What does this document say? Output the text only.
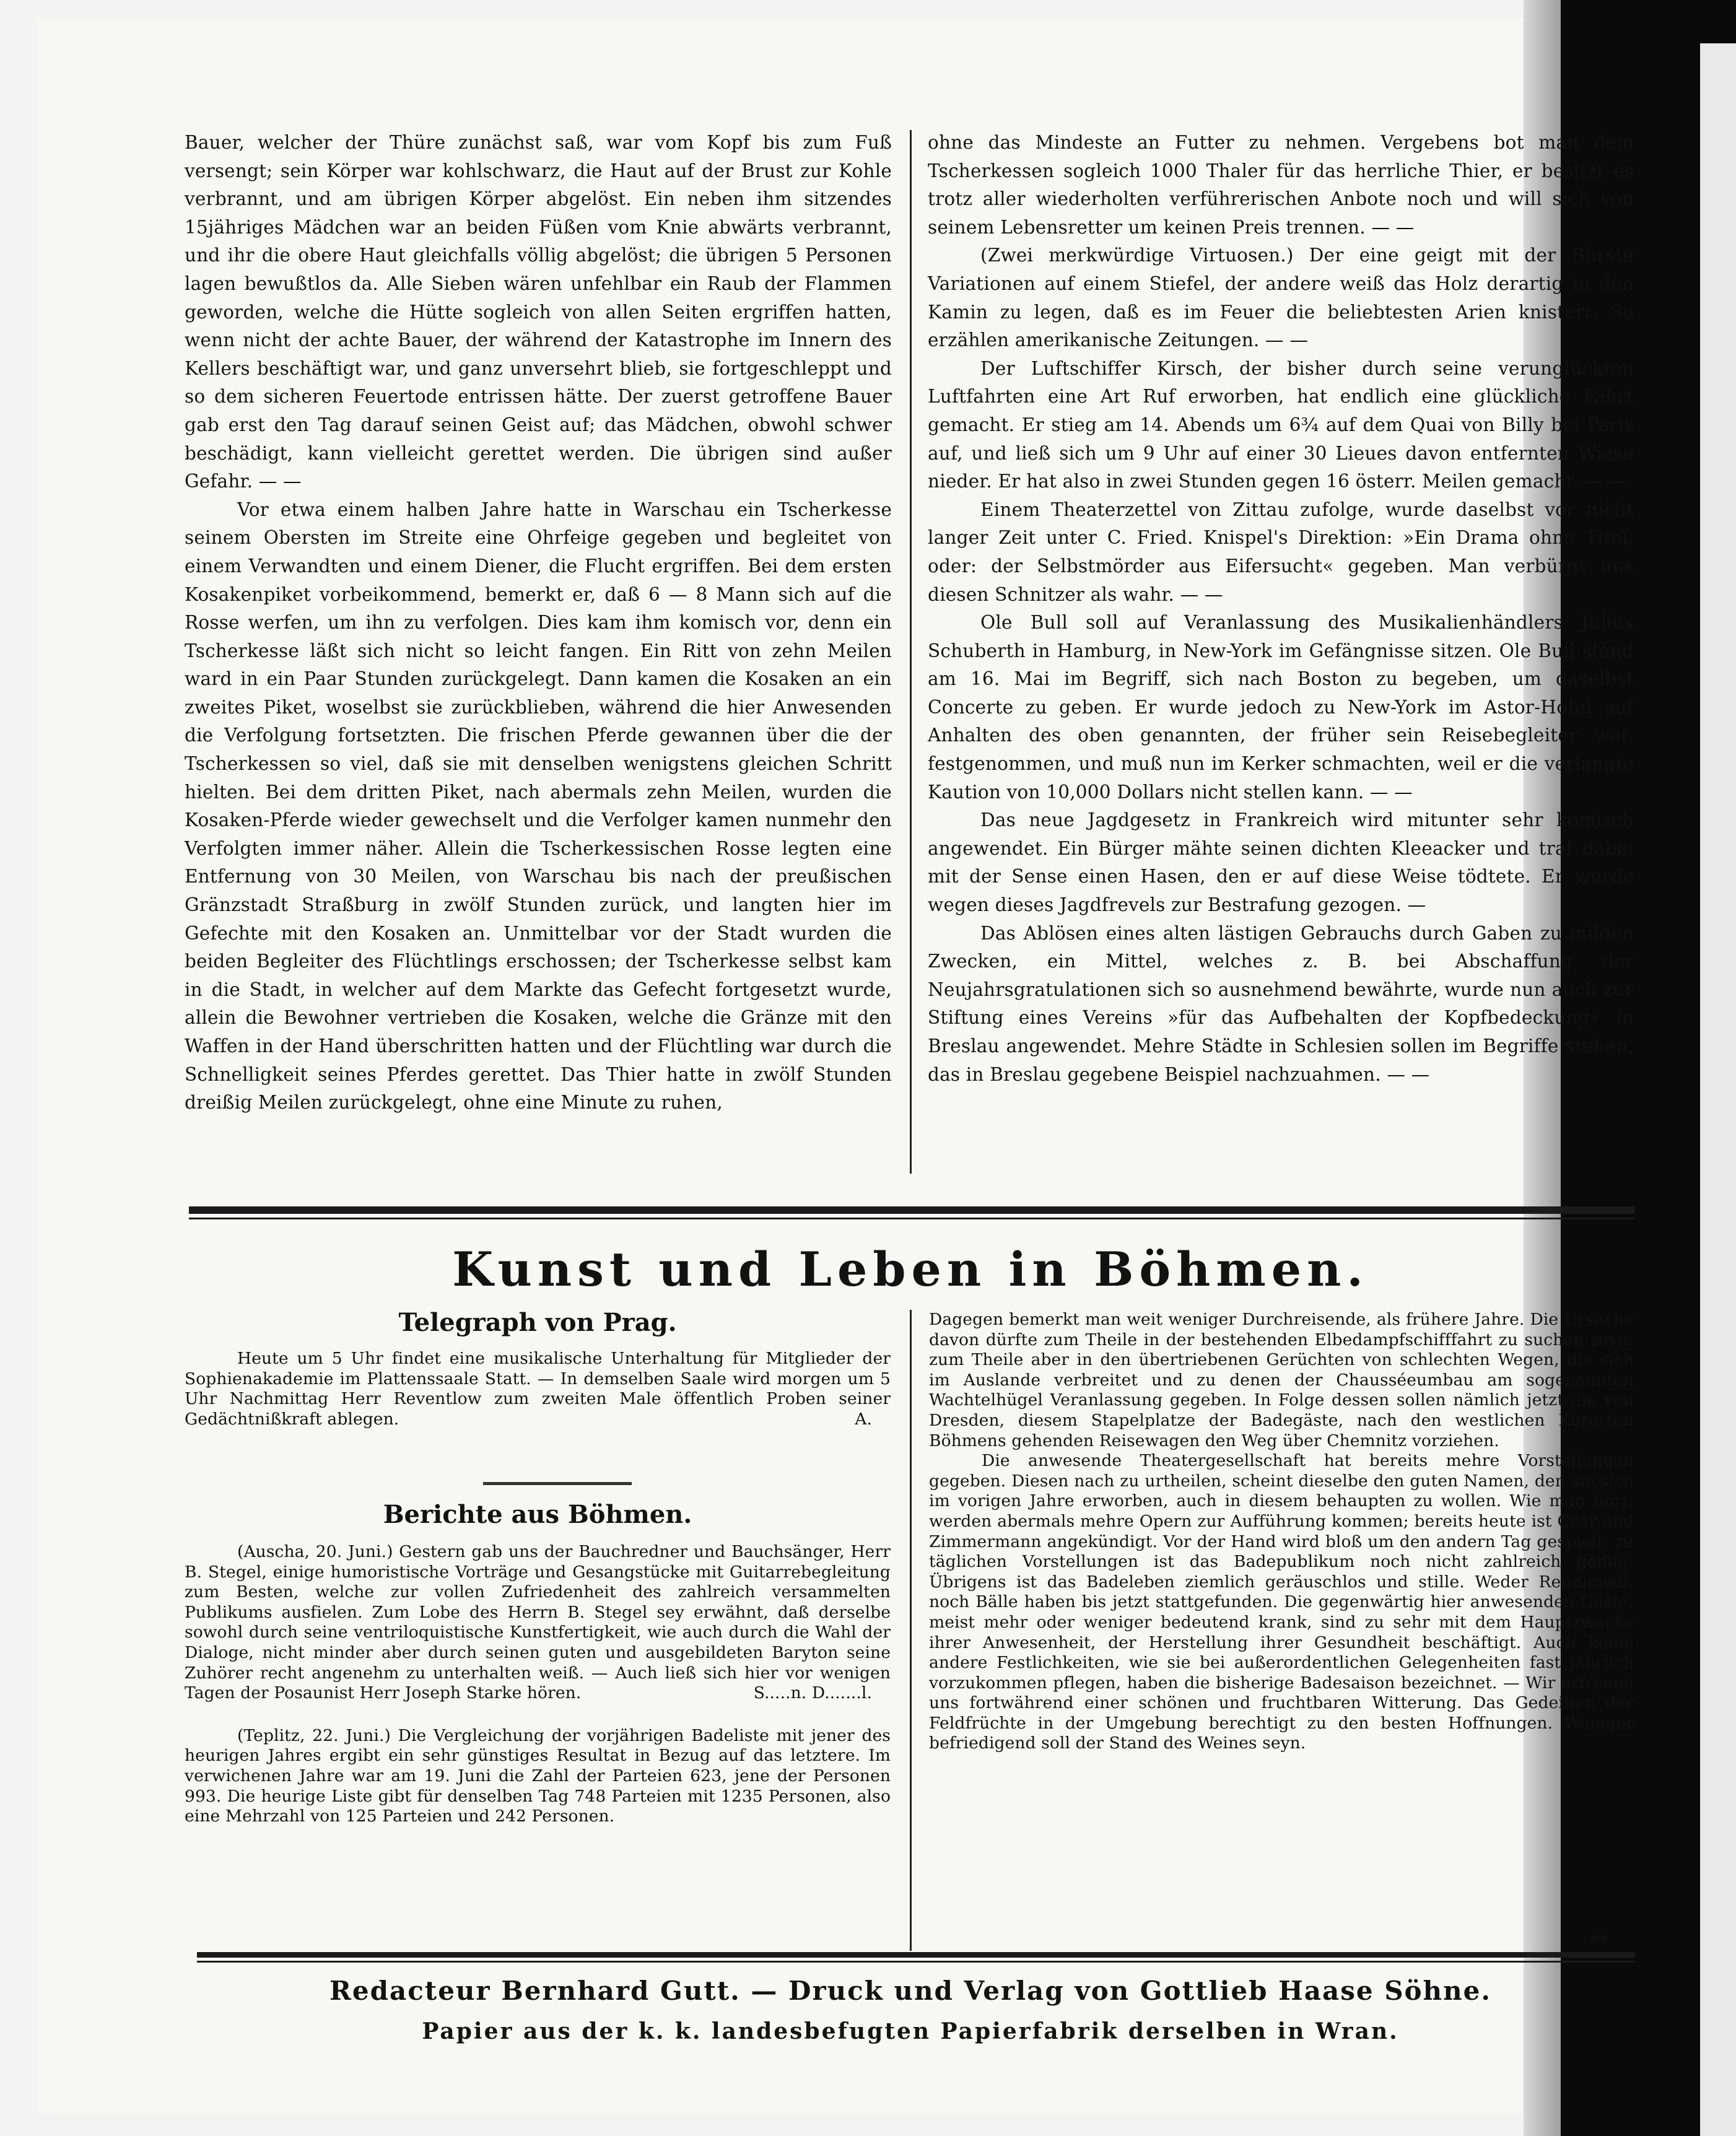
Bauer, welcher der Thüre zunächst saß, war vom Kopf bis zum Fuß versengt; sein Körper war kohlschwarz, die Haut auf der Brust zur Kohle verbrannt, und am übrigen Körper abgelöst. Ein neben ihm sitzendes 15jähriges Mädchen war an beiden Füßen vom Knie abwärts verbrannt, und ihr die obere Haut gleichfalls völlig abgelöst; die übrigen 5 Personen lagen bewußtlos da. Alle Sieben wären unfehlbar ein Raub der Flammen geworden, welche die Hütte sogleich von allen Seiten ergriffen hatten, wenn nicht der achte Bauer, der während der Katastrophe im Innern des Kellers beschäftigt war, und ganz unversehrt blieb, sie fortgeschleppt und so dem sicheren Feuertode entrissen hätte. Der zuerst getroffene Bauer gab erst den Tag darauf seinen Geist auf; das Mädchen, obwohl schwer beschädigt, kann vielleicht gerettet werden. Die übrigen sind außer Gefahr. — —

Vor etwa einem halben Jahre hatte in Warschau ein Tscherkesse seinem Obersten im Streite eine Ohrfeige gegeben und begleitet von einem Verwandten und einem Diener, die Flucht ergriffen. Bei dem ersten Kosakenpiket vorbeikommend, bemerkt er, daß 6 — 8 Mann sich auf die Rosse werfen, um ihn zu verfolgen. Dies kam ihm komisch vor, denn ein Tscherkesse läßt sich nicht so leicht fangen. Ein Ritt von zehn Meilen ward in ein Paar Stunden zurückgelegt. Dann kamen die Kosaken an ein zweites Piket, woselbst sie zurückblieben, während die hier Anwesenden die Verfolgung fortsetzten. Die frischen Pferde gewannen über die der Tscherkessen so viel, daß sie mit denselben wenigstens gleichen Schritt hielten. Bei dem dritten Piket, nach abermals zehn Meilen, wurden die Kosaken-Pferde wieder gewechselt und die Verfolger kamen nunmehr den Verfolgten immer näher. Allein die Tscherkessischen Rosse legten eine Entfernung von 30 Meilen, von Warschau bis nach der preußischen Gränzstadt Straßburg in zwölf Stunden zurück, und langten hier im Gefechte mit den Kosaken an. Unmittelbar vor der Stadt wurden die beiden Begleiter des Flüchtlings erschossen; der Tscherkesse selbst kam in die Stadt, in welcher auf dem Markte das Gefecht fortgesetzt wurde, allein die Bewohner vertrieben die Kosaken, welche die Gränze mit den Waffen in der Hand überschritten hatten und der Flüchtling war durch die Schnelligkeit seines Pferdes gerettet. Das Thier hatte in zwölf Stunden dreißig Meilen zurückgelegt, ohne eine Minute zu ruhen,

ohne das Mindeste an Futter zu nehmen. Vergebens bot man dem Tscherkessen sogleich 1000 Thaler für das herrliche Thier, er besitzt es trotz aller wiederholten verführerischen Anbote noch und will sich von seinem Lebensretter um keinen Preis trennen. — —

(Zwei merkwürdige Virtuosen.) Der eine geigt mit der Bürste Variationen auf einem Stiefel, der andere weiß das Holz derartig in den Kamin zu legen, daß es im Feuer die beliebtesten Arien knistert. So erzählen amerikanische Zeitungen. — —

Der Luftschiffer Kirsch, der bisher durch seine verunglückten Luftfahrten eine Art Ruf erworben, hat endlich eine glückliche Fahrt gemacht. Er stieg am 14. Abends um 6¾ auf dem Quai von Billy bei Paris auf, und ließ sich um 9 Uhr auf einer 30 Lieues davon entfernten Wiese nieder. Er hat also in zwei Stunden gegen 16 österr. Meilen gemacht. — —

Einem Theaterzettel von Zittau zufolge, wurde daselbst vor nicht langer Zeit unter C. Fried. Knispel's Direktion: »Ein Drama ohne Titel, oder: der Selbstmörder aus Eifersucht« gegeben. Man verbürgt uns diesen Schnitzer als wahr. — —

Ole Bull soll auf Veranlassung des Musikalienhändlers Julius Schuberth in Hamburg, in New-York im Gefängnisse sitzen. Ole Bull stand am 16. Mai im Begriff, sich nach Boston zu begeben, um daselbst Concerte zu geben. Er wurde jedoch zu New-York im Astor-Hotel auf Anhalten des oben genannten, der früher sein Reisebegleiter war, festgenommen, und muß nun im Kerker schmachten, weil er die verlangte Kaution von 10,000 Dollars nicht stellen kann. — —

Das neue Jagdgesetz in Frankreich wird mitunter sehr komisch angewendet. Ein Bürger mähte seinen dichten Kleeacker und traf dabei mit der Sense einen Hasen, den er auf diese Weise tödtete. Er wurde wegen dieses Jagdfrevels zur Bestrafung gezogen. —

Das Ablösen eines alten lästigen Gebrauchs durch Gaben zu milden Zwecken, ein Mittel, welches z. B. bei Abschaffung der Neujahrsgratulationen sich so ausnehmend bewährte, wurde nun auch zur Stiftung eines Vereins »für das Aufbehalten der Kopfbedeckung« in Breslau angewendet. Mehre Städte in Schlesien sollen im Begriffe stehen, das in Breslau gegebene Beispiel nachzuahmen. — —

Kunst und Leben in Böhmen.
Telegraph von Prag.

Heute um 5 Uhr findet eine musikalische Unterhaltung für Mitglieder der Sophienakademie im Plattenssaale Statt. — In demselben Saale wird morgen um 5 Uhr Nachmittag Herr Reventlow zum zweiten Male öffentlich Proben seiner Gedächtnißkraft ablegen.	A.

Berichte aus Böhmen.

(Auscha, 20. Juni.) Gestern gab uns der Bauchredner und Bauchsänger, Herr B. Stegel, einige humoristische Vorträge und Gesangstücke mit Guitarrebegleitung zum Besten, welche zur vollen Zufriedenheit des zahlreich versammelten Publikums ausfielen. Zum Lobe des Herrn B. Stegel sey erwähnt, daß derselbe sowohl durch seine ventriloquistische Kunstfertigkeit, wie auch durch die Wahl der Dialoge, nicht minder aber durch seinen guten und ausgebildeten Baryton seine Zuhörer recht angenehm zu unterhalten weiß. — Auch ließ sich hier vor wenigen Tagen der Posaunist Herr Joseph Starke hören.	S.....n. D.......l.

(Teplitz, 22. Juni.) Die Vergleichung der vorjährigen Badeliste mit jener des heurigen Jahres ergibt ein sehr günstiges Resultat in Bezug auf das letztere. Im verwichenen Jahre war am 19. Juni die Zahl der Parteien 623, jene der Personen 993. Die heurige Liste gibt für denselben Tag 748 Parteien mit 1235 Personen, also eine Mehrzahl von 125 Parteien und 242 Personen.

Dagegen bemerkt man weit weniger Durchreisende, als frühere Jahre. Die Ursache davon dürfte zum Theile in der bestehenden Elbedampfschifffahrt zu suchen seyn, zum Theile aber in den übertriebenen Gerüchten von schlechten Wegen, die sich im Auslande verbreitet und zu denen der Chausséeumbau am sogenannten Wachtelhügel Veranlassung gegeben. In Folge dessen sollen nämlich jetzt die von Dresden, diesem Stapelplatze der Badegäste, nach den westlichen Kurorten Böhmens gehenden Reisewagen den Weg über Chemnitz vorziehen.

Die anwesende Theatergesellschaft hat bereits mehre Vorstellungen gegeben. Diesen nach zu urtheilen, scheint dieselbe den guten Namen, den sie sich im vorigen Jahre erworben, auch in diesem behaupten zu wollen. Wie man hört, werden abermals mehre Opern zur Aufführung kommen; bereits heute ist Czar und Zimmermann angekündigt. Vor der Hand wird bloß um den andern Tag gespielt; zu täglichen Vorstellungen ist das Badepublikum noch nicht zahlreich genug. Übrigens ist das Badeleben ziemlich geräuschlos und stille. Weder Reunionen, noch Bälle haben bis jetzt stattgefunden. Die gegenwärtig hier anwesenden Gäste, meist mehr oder weniger bedeutend krank, sind zu sehr mit dem Hauptzwecke ihrer Anwesenheit, der Herstellung ihrer Gesundheit beschäftigt. Auch keine andere Festlichkeiten, wie sie bei außerordentlichen Gelegenheiten fast jährlich vorzukommen pflegen, haben die bisherige Badesaison bezeichnet. — Wir erfreuen uns fortwährend einer schönen und fruchtbaren Witterung. Das Gedeihen der Feldfrüchte in der Umgebung berechtigt zu den besten Hoffnungen. Weniger befriedigend soll der Stand des Weines seyn.

**
Redacteur Bernhard Gutt. — Druck und Verlag von Gottlieb Haase Söhne.
Papier aus der k. k. landesbefugten Papierfabrik derselben in Wran.
